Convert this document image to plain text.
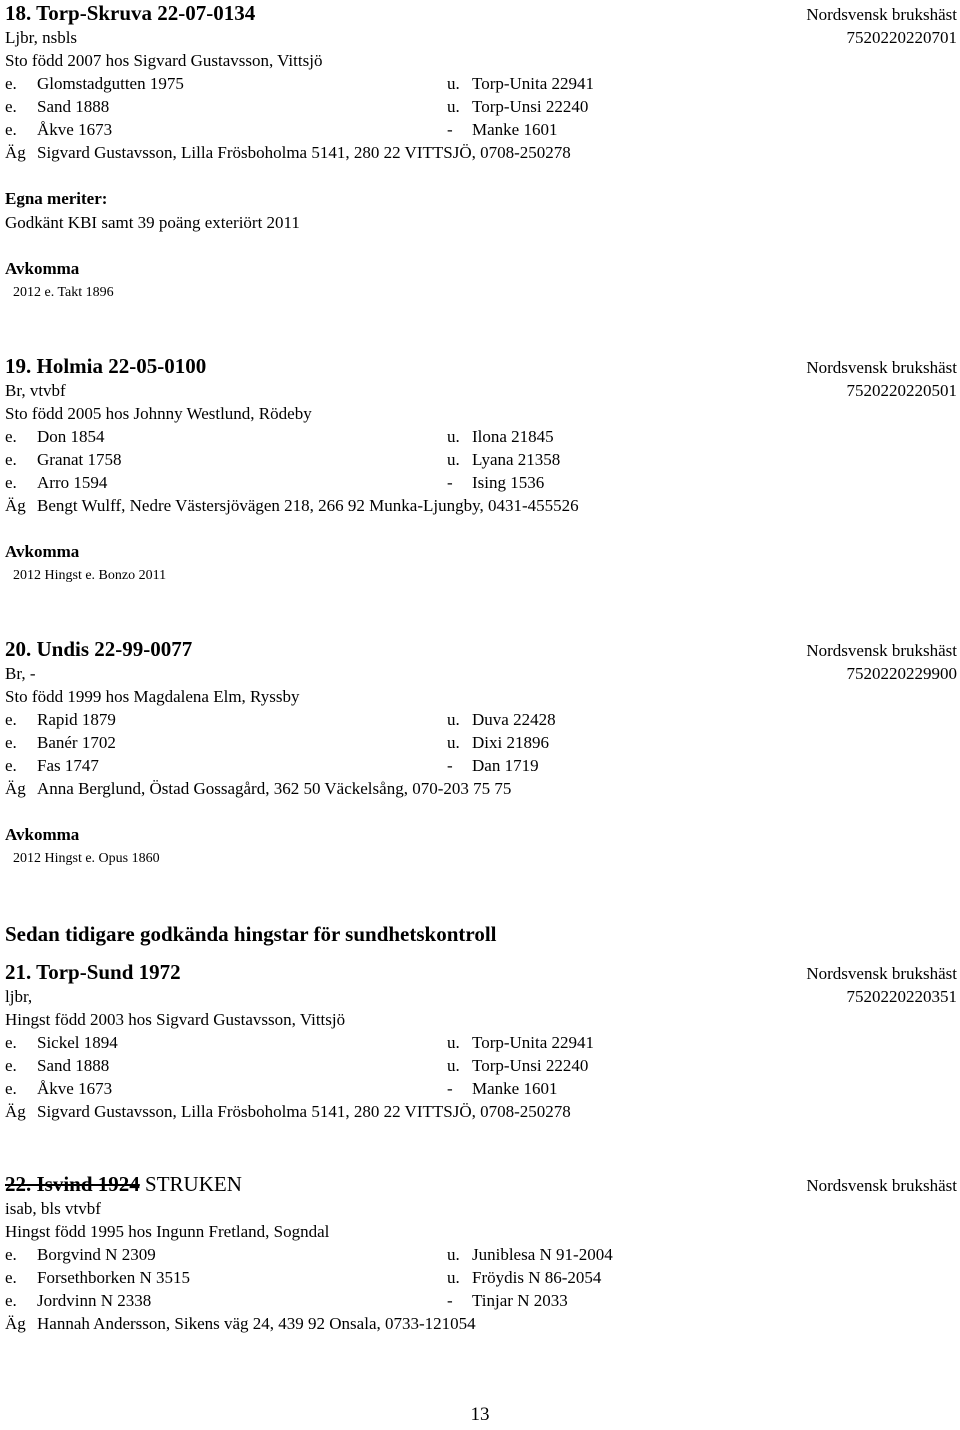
18. Torp-Skruva 22-07-0134	Nordsvensk brukshäst
Ljbr, nsbls	7520220220701
Sto född 2007 hos Sigvard Gustavsson, Vittsjö
e.	Glomstadgutten 1975	u. Torp-Unita 22941
e.	Sand 1888	u. Torp-Unsi 22240
e.	Åkve 1673	-	Manke 1601
Äg Sigvard Gustavsson, Lilla Frösboholma 5141, 280 22 VITTSJÖ, 0708-250278
Egna meriter:
Godkänt KBI samt 39 poäng exteriört 2011
Avkomma
2012 e. Takt 1896
19. Holmia 22-05-0100	Nordsvensk brukshäst
Br, vtvbf	7520220220501
Sto född 2005 hos Johnny Westlund, Rödeby
e.	Don 1854	u. Ilona 21845
e.	Granat 1758	u. Lyana 21358
e.	Arro 1594	-	Ising 1536
Äg Bengt Wulff, Nedre Västersjövägen 218, 266 92 Munka-Ljungby, 0431-455526
Avkomma
2012 Hingst e. Bonzo 2011
20. Undis 22-99-0077	Nordsvensk brukshäst
Br, -	7520220229900
Sto född 1999 hos Magdalena Elm, Ryssby
e.	Rapid 1879	u. Duva 22428
e.	Banér 1702	u. Dixi 21896
e.	Fas 1747	-	Dan 1719
Äg Anna Berglund, Östad Gossagård, 362 50 Väckelsång, 070-203 75 75
Avkomma
2012 Hingst e. Opus 1860
Sedan tidigare godkända hingstar för sundhetskontroll
21. Torp-Sund 1972	Nordsvensk brukshäst
ljbr,	7520220220351
Hingst född 2003 hos Sigvard Gustavsson, Vittsjö
e.	Sickel 1894	u. Torp-Unita 22941
e.	Sand 1888	u. Torp-Unsi 22240
e.	Åkve 1673	-	Manke 1601
Äg Sigvard Gustavsson, Lilla Frösboholma 5141, 280 22 VITTSJÖ, 0708-250278
22. Isvind 1924 STRUKEN	Nordsvensk brukshäst
isab, bls vtvbf
Hingst född 1995 hos Ingunn Fretland, Sogndal
e.	Borgvind N 2309	u. Juniblesa N 91-2004
e.	Forsethborken N 3515	u. Fröydis N 86-2054
e.	Jordvinn N 2338	-	Tinjar N 2033
Äg Hannah Andersson, Sikens väg 24, 439 92 Onsala, 0733-121054
13
